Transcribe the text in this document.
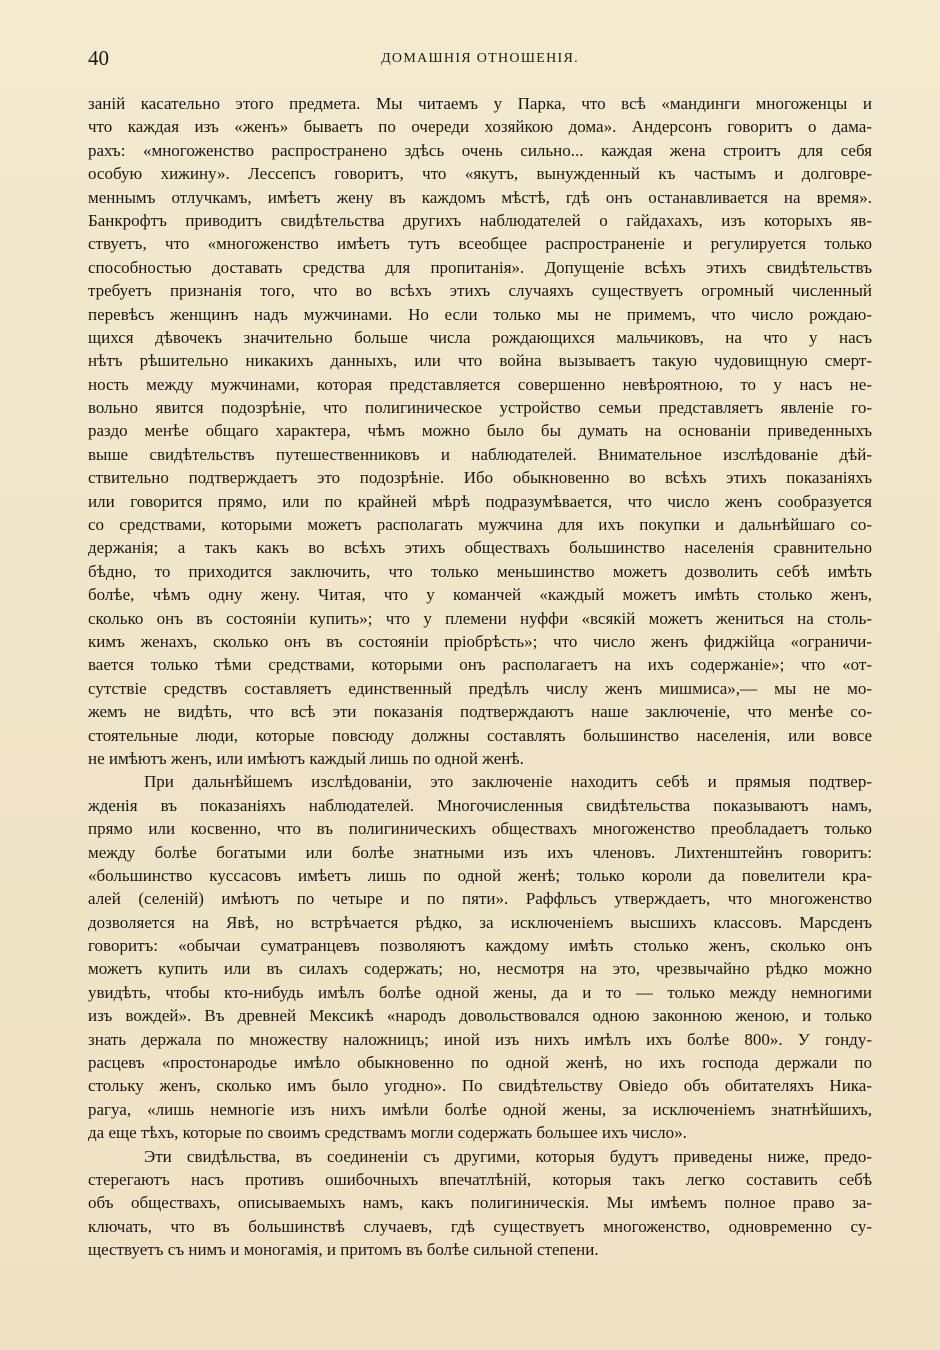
40	ДОМАШНІЯ ОТНОШЕНІЯ.
заній касательно этого предмета. Мы читаемъ у Парка, что всѣ «мандинги многоженцы и
что каждая изъ «женъ» бываетъ по очереди хозяйкою дома». Андерсонъ говоритъ о дама-
рахъ: «многоженство распространено здѣсь очень сильно... каждая жена строитъ для себя
особую хижину». Лессепсъ говоритъ, что «якутъ, вынужденный къ частымъ и долговре-
меннымъ отлучкамъ, имѣетъ жену въ каждомъ мѣстѣ, гдѣ онъ останавливается на время».
Банкрофтъ приводитъ свидѣтельства другихъ наблюдателей о гайдахахъ, изъ которыхъ яв-
ствуетъ, что «многоженство имѣетъ тутъ всеобщее распространеніе и регулируется только
способностью доставать средства для пропитанія». Допущеніе всѣхъ этихъ свидѣтельствъ
требуетъ признанія того, что во всѣхъ этихъ случаяхъ существуетъ огромный численный
перевѣсъ женщинъ надъ мужчинами. Но если только мы не примемъ, что число рождаю-
щихся дѣвочекъ значительно больше числа рождающихся мальчиковъ, на что у насъ
нѣтъ рѣшительно никакихъ данныхъ, или что война вызываетъ такую чудовищную смерт-
ность между мужчинами, которая представляется совершенно невѣроятною, то у насъ не-
вольно явится подозрѣніе, что полигиническое устройство семьи представляетъ явленіе го-
раздо менѣе общаго характера, чѣмъ можно было бы думать на основаніи приведенныхъ
выше свидѣтельствъ путешественниковъ и наблюдателей. Внимательное изслѣдованіе дѣй-
ствительно подтверждаетъ это подозрѣніе. Ибо обыкновенно во всѣхъ этихъ показаніяхъ
или говорится прямо, или по крайней мѣрѣ подразумѣвается, что число женъ сообразуется
со средствами, которыми можетъ располагать мужчина для ихъ покупки и дальнѣйшаго со-
держанія; а такъ какъ во всѣхъ этихъ обществахъ большинство населенія сравнительно
бѣдно, то приходится заключить, что только меньшинство можетъ дозволить себѣ имѣть
болѣе, чѣмъ одну жену. Читая, что у команчей «каждый можетъ имѣть столько женъ,
сколько онъ въ состояніи купить»; что у племени нуффи «всякій можетъ жениться на столь-
кимъ женахъ, сколько онъ въ состояніи пріобрѣсть»; что число женъ фиджійца «ограничи-
вается только тѣми средствами, которыми онъ располагаетъ на ихъ содержаніе»; что «от-
сутствіе средствъ составляетъ единственный предѣлъ числу женъ мишмиса»,— мы не мо-
жемъ не видѣть, что всѣ эти показанія подтверждаютъ наше заключеніе, что менѣе со-
стоятельные люди, которые повсюду должны составлять большинство населенія, или вовсе
не имѣютъ женъ, или имѣютъ каждый лишь по одной женѣ.
При дальнѣйшемъ изслѣдованіи, это заключеніе находитъ себѣ и прямыя подтвер-
жденія въ показаніяхъ наблюдателей. Многочисленныя свидѣтельства показываютъ намъ,
прямо или косвенно, что въ полигиническихъ обществахъ многоженство преобладаетъ только
между болѣе богатыми или болѣе знатными изъ ихъ членовъ. Лихтенштейнъ говоритъ:
«большинство куссасовъ имѣетъ лишь по одной женѣ; только короли да повелители кра-
алей (селеній) имѣютъ по четыре и по пяти». Раффльсъ утверждаетъ, что многоженство
дозволяется на Явѣ, но встрѣчается рѣдко, за исключеніемъ высшихъ классовъ. Марсденъ
говоритъ: «обычаи суматранцевъ позволяютъ каждому имѣть столько женъ, сколько онъ
можетъ купить или въ силахъ содержать; но, несмотря на это, чрезвычайно рѣдко можно
увидѣть, чтобы кто-нибудь имѣлъ болѣе одной жены, да и то — только между немногими
изъ вождей». Въ древней Мексикѣ «народъ довольствовался одною законною женою, и только
знать держала по множеству наложницъ; иной изъ нихъ имѣлъ ихъ болѣе 800». У гонду-
расцевъ «простонародье имѣло обыкновенно по одной женѣ, но ихъ господа держали по
стольку женъ, сколько имъ было угодно». По свидѣтельству Овіедо объ обитателяхъ Ника-
рагуа, «лишь немногіе изъ нихъ имѣли болѣе одной жены, за исключеніемъ знатнѣйшихъ,
да еще тѣхъ, которые по своимъ средствамъ могли содержать большее ихъ число».
Эти свидѣльства, въ соединеніи съ другими, которыя будутъ приведены ниже, предо-
стерегаютъ насъ противъ ошибочныхъ впечатлѣній, которыя такъ легко составить себѣ
объ обществахъ, описываемыхъ намъ, какъ полигиническія. Мы имѣемъ полное право за-
ключать, что въ большинствѣ случаевъ, гдѣ существуетъ многоженство, одновременно су-
ществуетъ съ нимъ и моногамія, и притомъ въ болѣе сильной степени.
